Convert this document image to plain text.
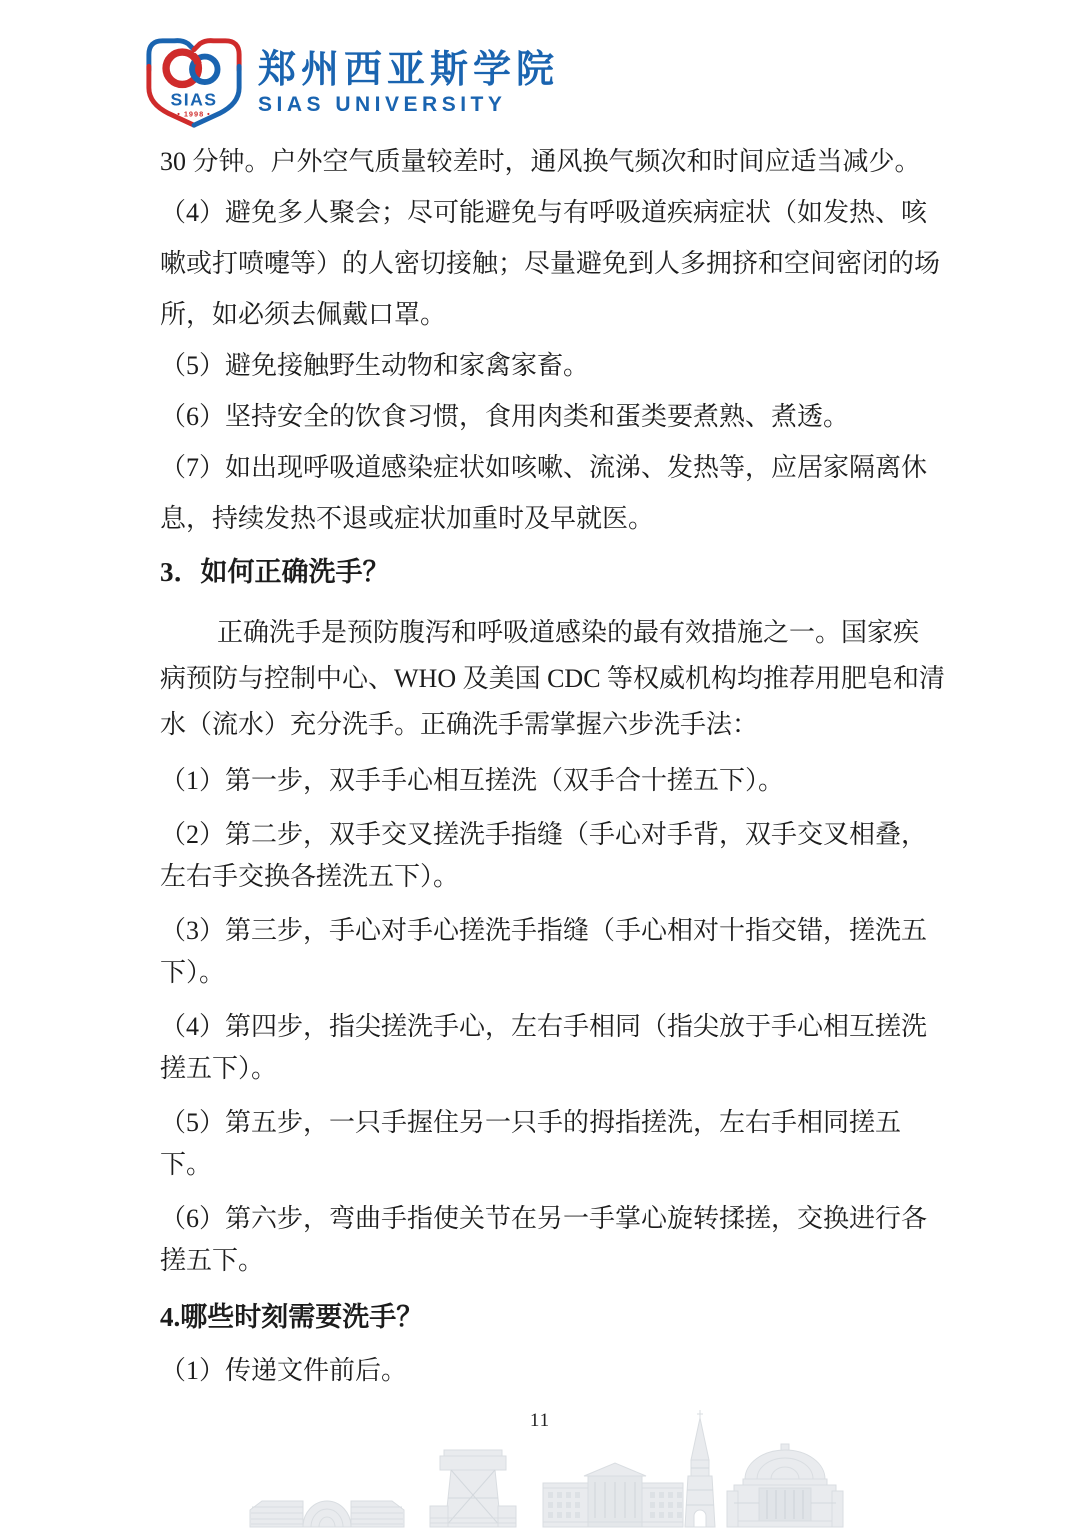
SIAS
• 1998 •
郑州西亚斯学院
SIAS UNIVERSITY
30 分钟。户外空气质量较差时，通风换气频次和时间应适当减少。
（4）避免多人聚会；尽可能避免与有呼吸道疾病症状（如发热、咳
嗽或打喷嚏等）的人密切接触；尽量避免到人多拥挤和空间密闭的场
所，如必须去佩戴口罩。
（5）避免接触野生动物和家禽家畜。
（6）坚持安全的饮食习惯，食用肉类和蛋类要煮熟、煮透。
（7）如出现呼吸道感染症状如咳嗽、流涕、发热等，应居家隔离休
息，持续发热不退或症状加重时及早就医。
3．如何正确洗手？
正确洗手是预防腹泻和呼吸道感染的最有效措施之一。国家疾
病预防与控制中心、WHO 及美国 CDC 等权威机构均推荐用肥皂和清
水（流水）充分洗手。正确洗手需掌握六步洗手法：
（1）第一步，双手手心相互搓洗（双手合十搓五下）。
（2）第二步，双手交叉搓洗手指缝（手心对手背，双手交叉相叠，
左右手交换各搓洗五下）。
（3）第三步，手心对手心搓洗手指缝（手心相对十指交错，搓洗五
下）。
（4）第四步，指尖搓洗手心，左右手相同（指尖放于手心相互搓洗
搓五下）。
（5）第五步，一只手握住另一只手的拇指搓洗，左右手相同搓五
下。
（6）第六步，弯曲手指使关节在另一手掌心旋转揉搓，交换进行各
搓五下。
4.哪些时刻需要洗手？
（1）传递文件前后。
11
